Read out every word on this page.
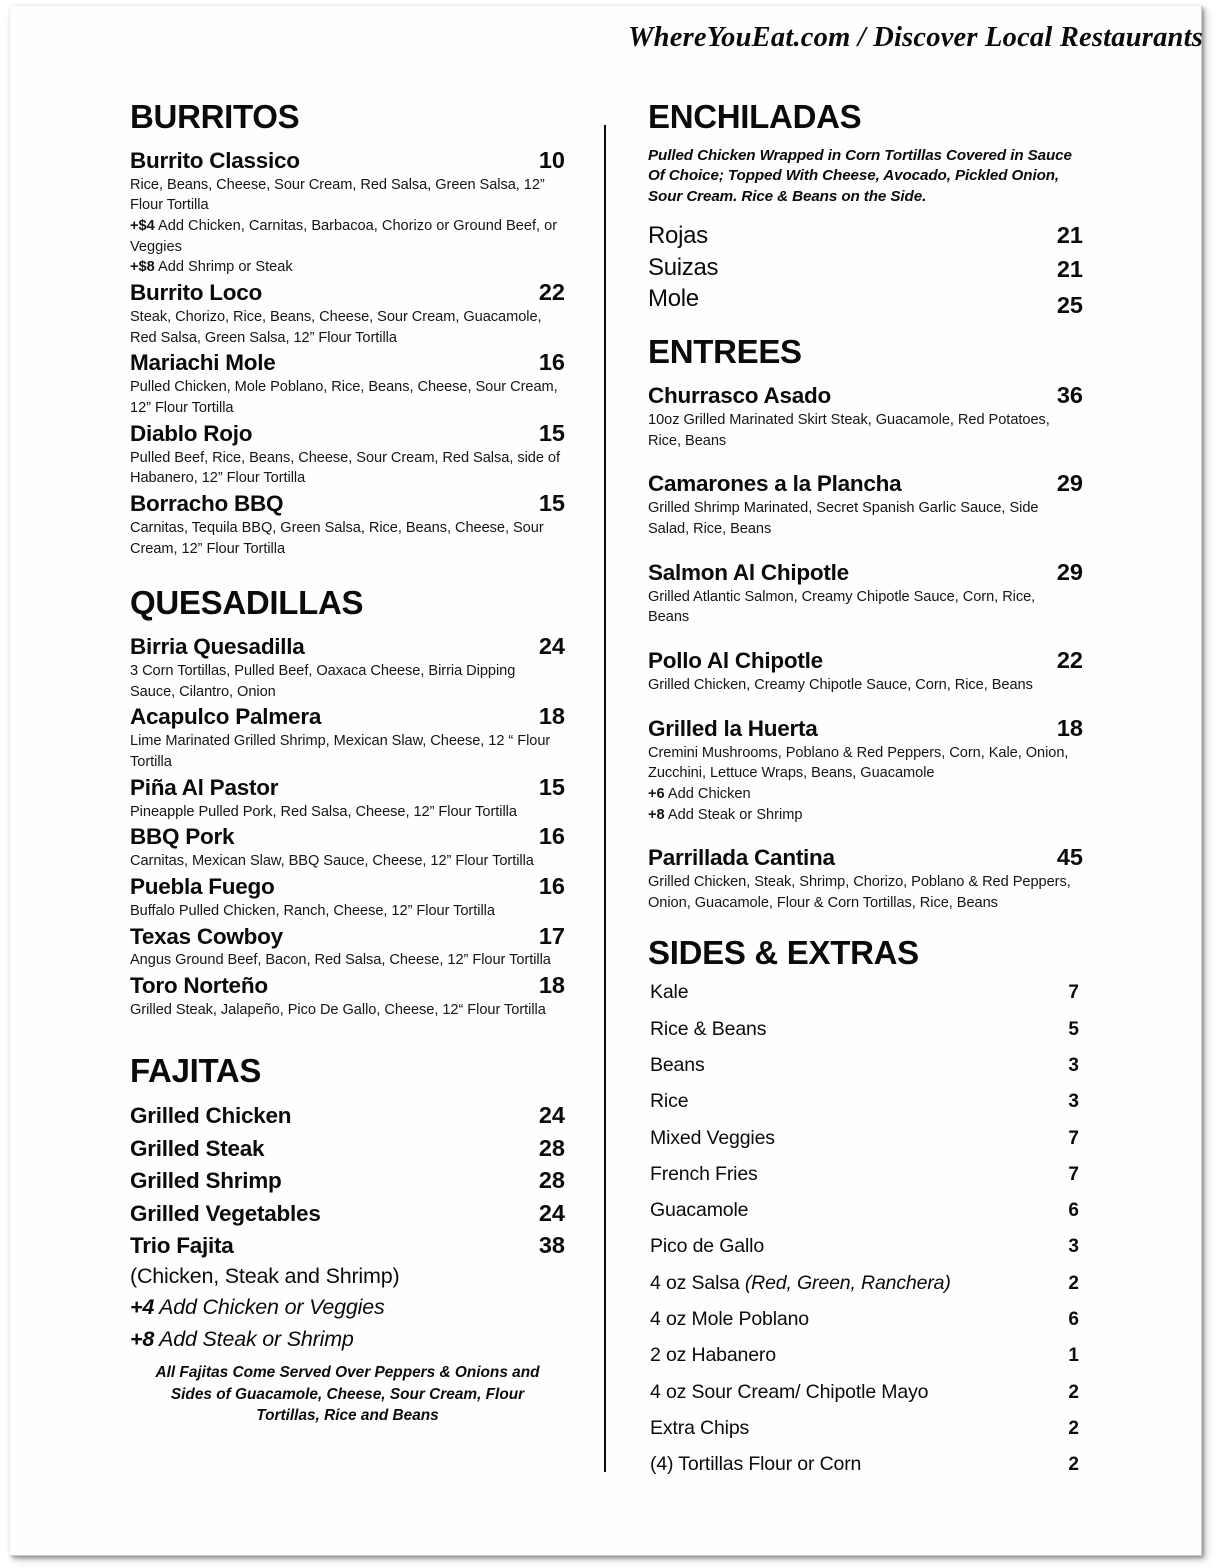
WhereYouEat.com / Discover Local Restaurants
BURRITOS
Burrito Classico	10
Rice, Beans, Cheese, Sour Cream, Red Salsa, Green Salsa, 12” Flour Tortilla
+$4 Add Chicken, Carnitas, Barbacoa, Chorizo or Ground Beef, or Veggies
+$8 Add Shrimp or Steak
Burrito Loco	22
Steak, Chorizo, Rice, Beans, Cheese, Sour Cream, Guacamole, Red Salsa, Green Salsa, 12” Flour Tortilla
Mariachi Mole	16
Pulled Chicken, Mole Poblano, Rice, Beans, Cheese, Sour Cream, 12” Flour Tortilla
Diablo Rojo	15
Pulled Beef, Rice, Beans, Cheese, Sour Cream, Red Salsa, side of Habanero, 12” Flour Tortilla
Borracho BBQ	15
Carnitas, Tequila BBQ, Green Salsa, Rice, Beans, Cheese, Sour Cream, 12” Flour Tortilla
QUESADILLAS
Birria Quesadilla	24
3 Corn Tortillas, Pulled Beef, Oaxaca Cheese, Birria Dipping Sauce, Cilantro, Onion
Acapulco Palmera	18
Lime Marinated Grilled Shrimp, Mexican Slaw, Cheese, 12 “ Flour Tortilla
Piña Al Pastor	15
Pineapple Pulled Pork, Red Salsa, Cheese, 12” Flour Tortilla
BBQ Pork	16
Carnitas, Mexican Slaw, BBQ Sauce, Cheese, 12” Flour Tortilla
Puebla Fuego	16
Buffalo Pulled Chicken, Ranch, Cheese, 12” Flour Tortilla
Texas Cowboy	17
Angus Ground Beef, Bacon, Red Salsa, Cheese, 12” Flour Tortilla
Toro Norteño	18
Grilled Steak, Jalapeño, Pico De Gallo, Cheese, 12“ Flour Tortilla
FAJITAS
Grilled Chicken	24
Grilled Steak	28
Grilled Shrimp	28
Grilled Vegetables	24
Trio Fajita	38
(Chicken, Steak and Shrimp)
+4 Add Chicken or Veggies
+8 Add Steak or Shrimp
All Fajitas Come Served Over Peppers & Onions and Sides of Guacamole, Cheese, Sour Cream, Flour Tortillas, Rice and Beans
ENCHILADAS
Pulled Chicken Wrapped in Corn Tortillas Covered in Sauce Of Choice; Topped With Cheese, Avocado, Pickled Onion, Sour Cream. Rice & Beans on the Side.
Rojas	21
Suizas	21
Mole	25
ENTREES
Churrasco Asado	36
10oz Grilled Marinated Skirt Steak, Guacamole, Red Potatoes, Rice, Beans
Camarones a la Plancha	29
Grilled Shrimp Marinated, Secret Spanish Garlic Sauce, Side Salad, Rice, Beans
Salmon Al Chipotle	29
Grilled Atlantic Salmon, Creamy Chipotle Sauce, Corn, Rice, Beans
Pollo Al Chipotle	22
Grilled Chicken, Creamy Chipotle Sauce, Corn, Rice, Beans
Grilled la Huerta	18
Cremini Mushrooms, Poblano & Red Peppers, Corn, Kale, Onion, Zucchini, Lettuce Wraps, Beans, Guacamole
+6 Add Chicken
+8 Add Steak or Shrimp
Parrillada Cantina	45
Grilled Chicken, Steak, Shrimp, Chorizo, Poblano & Red Peppers, Onion, Guacamole, Flour & Corn Tortillas, Rice, Beans
SIDES & EXTRAS
Kale	7
Rice & Beans	5
Beans	3
Rice	3
Mixed Veggies	7
French Fries	7
Guacamole	6
Pico de Gallo	3
4 oz Salsa (Red, Green, Ranchera)	2
4 oz Mole Poblano	6
2 oz Habanero	1
4 oz Sour Cream/ Chipotle Mayo	2
Extra Chips	2
(4) Tortillas Flour or Corn	2
